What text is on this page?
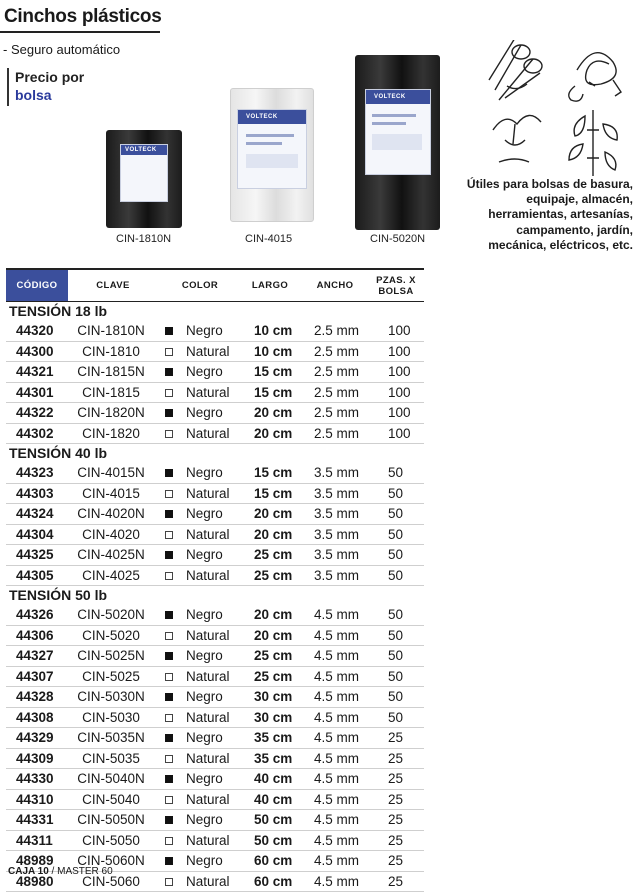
Cinchos plásticos
- Seguro automático
Precio por
bolsa
VOLTECK
CIN-1810N
VOLTECK
CIN-4015
VOLTECK
CIN-5020N
Útiles para bolsas de basura, equipaje, almacén, herramientas, artesanías, campamento, jardín, mecánica, eléctricos, etc.
CÓDIGO	CLAVE	COLOR	LARGO	ANCHO	PZAS. X BOLSA
TENSIÓN 18 lb
44320	CIN-1810N	Negro 10 cm 2.5 mm 100
44300	CIN-1810	Natural 10 cm 2.5 mm 100
44321	CIN-1815N	Negro 15 cm 2.5 mm 100
44301	CIN-1815	Natural 15 cm 2.5 mm 100
44322	CIN-1820N	Negro 20 cm 2.5 mm 100
44302	CIN-1820	Natural 20 cm 2.5 mm 100
TENSIÓN 40 lb
44323	CIN-4015N	Negro 15 cm 3.5 mm 50
44303	CIN-4015	Natural 15 cm 3.5 mm 50
44324	CIN-4020N	Negro 20 cm 3.5 mm 50
44304	CIN-4020	Natural 20 cm 3.5 mm 50
44325	CIN-4025N	Negro 25 cm 3.5 mm 50
44305	CIN-4025	Natural 25 cm 3.5 mm 50
TENSIÓN 50 lb
44326	CIN-5020N	Negro 20 cm 4.5 mm 50
44306	CIN-5020	Natural 20 cm 4.5 mm 50
44327	CIN-5025N	Negro 25 cm 4.5 mm 50
44307	CIN-5025	Natural 25 cm 4.5 mm 50
44328	CIN-5030N	Negro 30 cm 4.5 mm 50
44308	CIN-5030	Natural 30 cm 4.5 mm 50
44329	CIN-5035N	Negro 35 cm 4.5 mm 25
44309	CIN-5035	Natural 35 cm 4.5 mm 25
44330	CIN-5040N	Negro 40 cm 4.5 mm 25
44310	CIN-5040	Natural 40 cm 4.5 mm 25
44331	CIN-5050N	Negro 50 cm 4.5 mm 25
44311	CIN-5050	Natural 50 cm 4.5 mm 25
48989	CIN-5060N	Negro 60 cm 4.5 mm 25
48980	CIN-5060	Natural 60 cm 4.5 mm 25
CAJA 10 / MASTER 60
